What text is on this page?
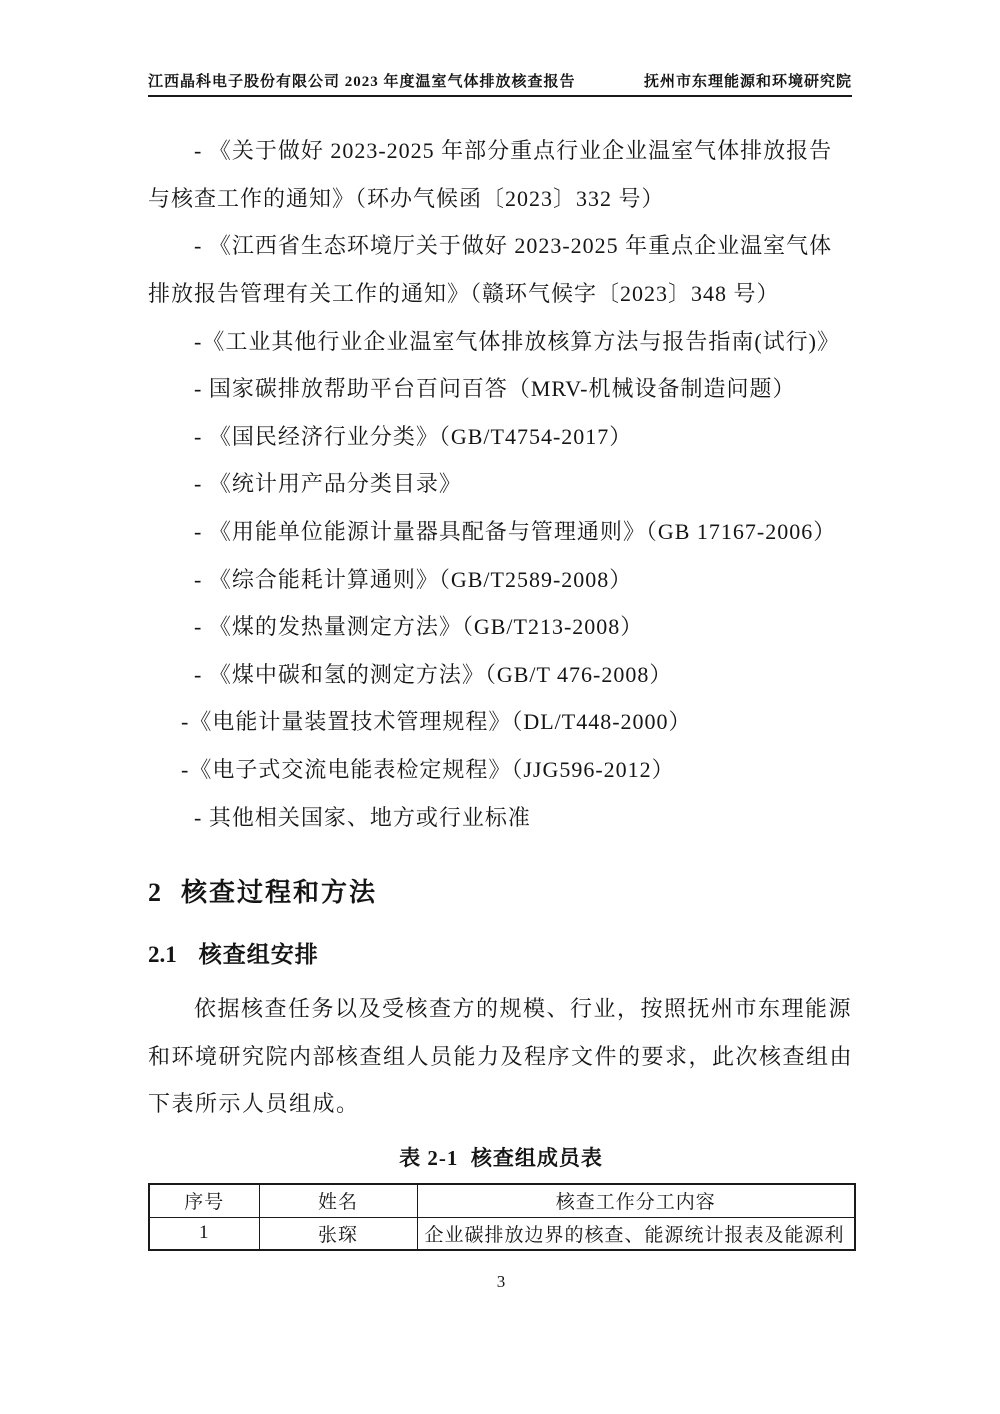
江西晶科电子股份有限公司 2023 年度温室气体排放核查报告	抚州市东理能源和环境研究院
- 《关于做好 2023-2025 年部分重点行业企业温室气体排放报告
与核查工作的通知》（环办气候函〔2023〕332 号）
- 《江西省生态环境厅关于做好 2023-2025 年重点企业温室气体
排放报告管理有关工作的通知》（赣环气候字〔2023〕348 号）
-《工业其他行业企业温室气体排放核算方法与报告指南(试行)》
- 国家碳排放帮助平台百问百答（MRV-机械设备制造问题）
- 《国民经济行业分类》（GB/T4754-2017）
- 《统计用产品分类目录》
- 《用能单位能源计量器具配备与管理通则》（GB 17167-2006）
- 《综合能耗计算通则》（GB/T2589-2008）
- 《煤的发热量测定方法》（GB/T213-2008）
- 《煤中碳和氢的测定方法》（GB/T 476-2008）
-《电能计量装置技术管理规程》（DL/T448-2000）
-《电子式交流电能表检定规程》（JJG596-2012）
- 其他相关国家、地方或行业标准
2 核查过程和方法
2.1 核查组安排
依据核查任务以及受核查方的规模、行业，按照抚州市东理能源
和环境研究院内部核查组人员能力及程序文件的要求，此次核查组由
下表所示人员组成。
表 2-1  核查组成员表
序号	姓名	核查工作分工内容
1	张琛	企业碳排放边界的核查、能源统计报表及能源利
3
